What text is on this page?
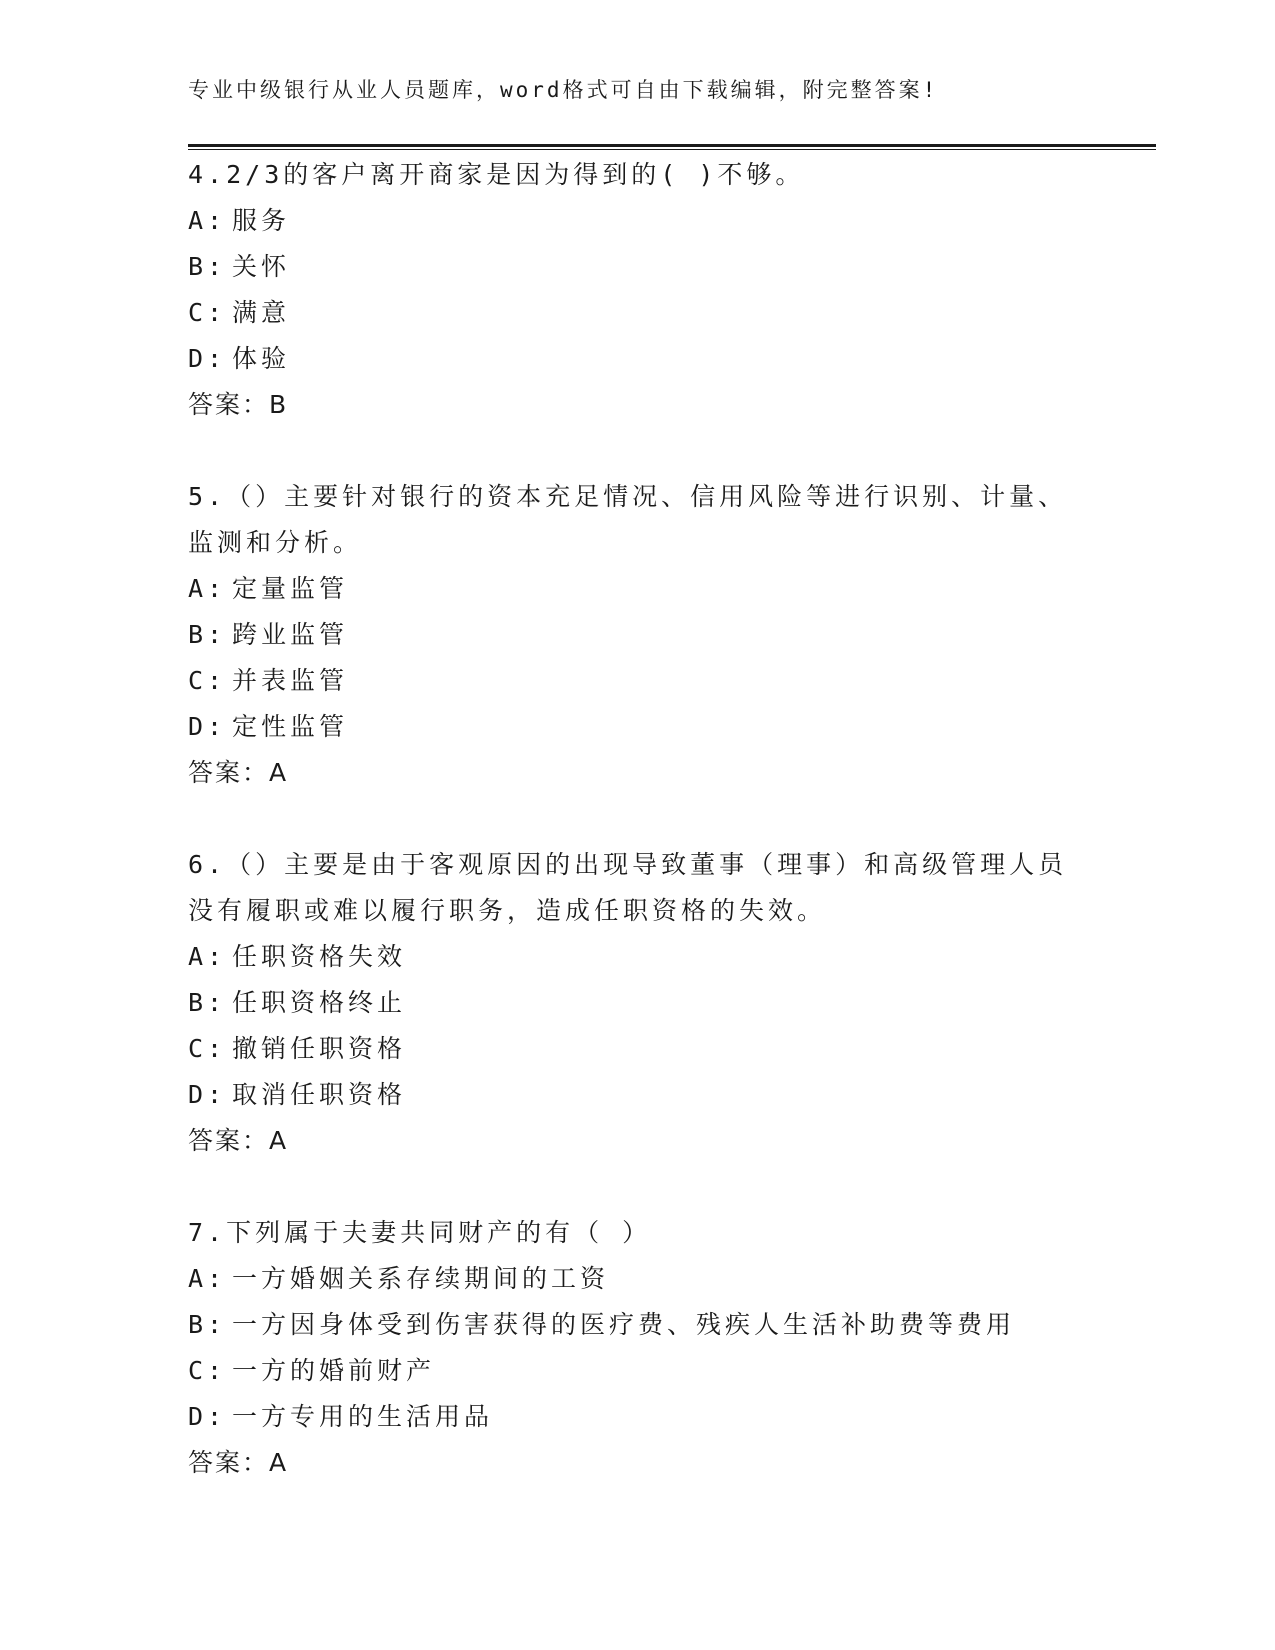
专业中级银行从业人员题库，word格式可自由下载编辑，附完整答案!
4.2/3的客户离开商家是因为得到的( )不够。
A: 服务
B: 关怀
C: 满意
D: 体验
答案：B
5.（）主要针对银行的资本充足情况、信用风险等进行识别、计量、
监测和分析。
A: 定量监管
B: 跨业监管
C: 并表监管
D: 定性监管
答案：A
6.（）主要是由于客观原因的出现导致董事（理事）和高级管理人员
没有履职或难以履行职务，造成任职资格的失效。
A: 任职资格失效
B: 任职资格终止
C: 撤销任职资格
D: 取消任职资格
答案：A
7.下列属于夫妻共同财产的有（ ）
A: 一方婚姻关系存续期间的工资
B: 一方因身体受到伤害获得的医疗费、残疾人生活补助费等费用
C: 一方的婚前财产
D: 一方专用的生活用品
答案：A
